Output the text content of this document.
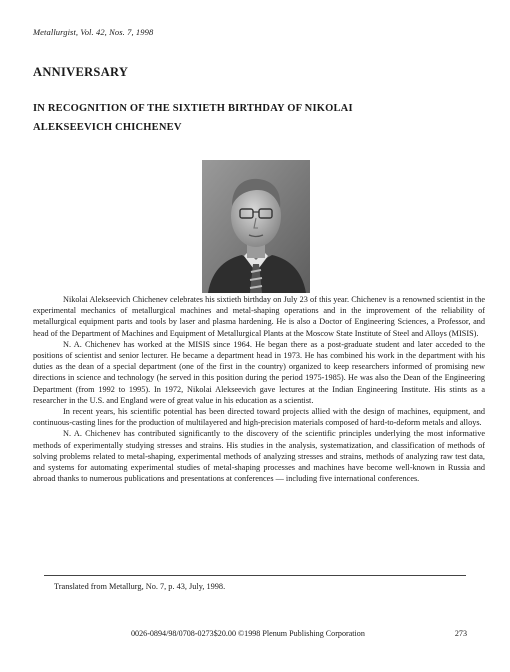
Metallurgist, Vol. 42, Nos. 7, 1998
ANNIVERSARY
IN RECOGNITION OF THE SIXTIETH BIRTHDAY OF NIKOLAI
ALEKSEEVICH CHICHENEV

Nikolai Alekseevich Chichenev celebrates his sixtieth birthday on July 23 of this year. Chichenev is a renowned scientist in the experimental mechanics of metallurgical machines and metal-shaping operations and in the improvement of the reliability of metallurgical equipment parts and tools by laser and plasma hardening. He is also a Doctor of Engineering Sciences, a Professor, and head of the Department of Machines and Equipment of Metallurgical Plants at the Moscow State Institute of Steel and Alloys (MISIS).

N. A. Chichenev has worked at the MISIS since 1964. He began there as a post-graduate student and later acceded to the positions of scientist and senior lecturer. He became a department head in 1973. He has combined his work in the department with his duties as the dean of a special department (one of the first in the country) organized to keep researchers informed of promising new directions in science and technology (he served in this position during the period 1975-1985). He was also the Dean of the Engineering Department (from 1992 to 1995). In 1972, Nikolai Alekseevich gave lectures at the Indian Engineering Institute. His stints as a researcher in the U.S. and England were of great value in his education as a scientist.

In recent years, his scientific potential has been directed toward projects allied with the design of machines, equipment, and continuous-casting lines for the production of multilayered and high-precision materials composed of hard-to-deform metals and alloys.

N. A. Chichenev has contributed significantly to the discovery of the scientific principles underlying the most informative methods of experimentally studying stresses and strains. His studies in the analysis, systematization, and classification of methods of solving problems related to metal-shaping, experimental methods of analyzing stresses and strains, methods of analyzing raw test data, and systems for automating experimental studies of metal-shaping processes and machines have become well-known in Russia and abroad thanks to numerous publications and presentations at conferences — including five international conferences.

Translated from Metallurg, No. 7, p. 43, July, 1998.
0026-0894/98/0708-0273$20.00 ©1998 Plenum Publishing Corporation	273
